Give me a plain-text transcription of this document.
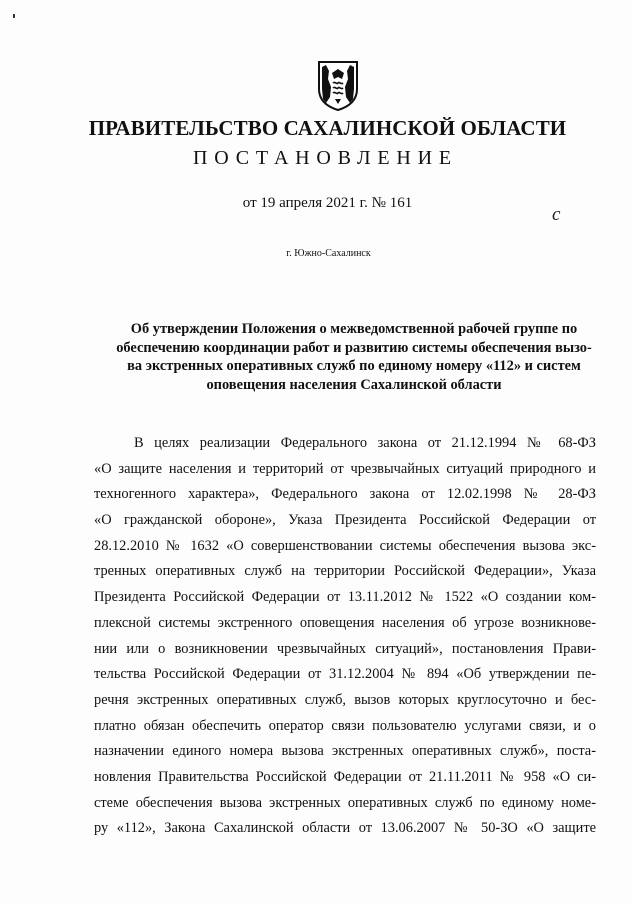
ПРАВИТЕЛЬСТВО САХАЛИНСКОЙ ОБЛАСТИ
ПОСТАНОВЛЕНИЕ
от 19 апреля 2021 г. № 161
с
г. Южно-Сахалинск
Об утверждении Положения о межведомственной рабочей группе по
обеспечению координации работ и развитию системы обеспечения вызо-
ва экстренных оперативных служб по единому номеру «112» и систем
оповещения населения Сахалинской области
В целях реализации Федерального закона от 21.12.1994 № 68-ФЗ
«О защите населения и территорий от чрезвычайных ситуаций природного и
техногенного характера», Федерального закона от 12.02.1998 № 28-ФЗ
«О гражданской обороне», Указа Президента Российской Федерации от
28.12.2010 № 1632 «О совершенствовании системы обеспечения вызова экс-
тренных оперативных служб на территории Российской Федерации», Указа
Президента Российской Федерации от 13.11.2012 № 1522 «О создании ком-
плексной системы экстренного оповещения населения об угрозе возникнове-
нии или о возникновении чрезвычайных ситуаций», постановления Прави-
тельства Российской Федерации от 31.12.2004 № 894 «Об утверждении пе-
речня экстренных оперативных служб, вызов которых круглосуточно и бес-
платно обязан обеспечить оператор связи пользователю услугами связи, и о
назначении единого номера вызова экстренных оперативных служб», поста-
новления Правительства Российской Федерации от 21.11.2011 № 958 «О си-
стеме обеспечения вызова экстренных оперативных служб по единому номе-
ру «112», Закона Сахалинской области от 13.06.2007 № 50-ЗО «О защите
